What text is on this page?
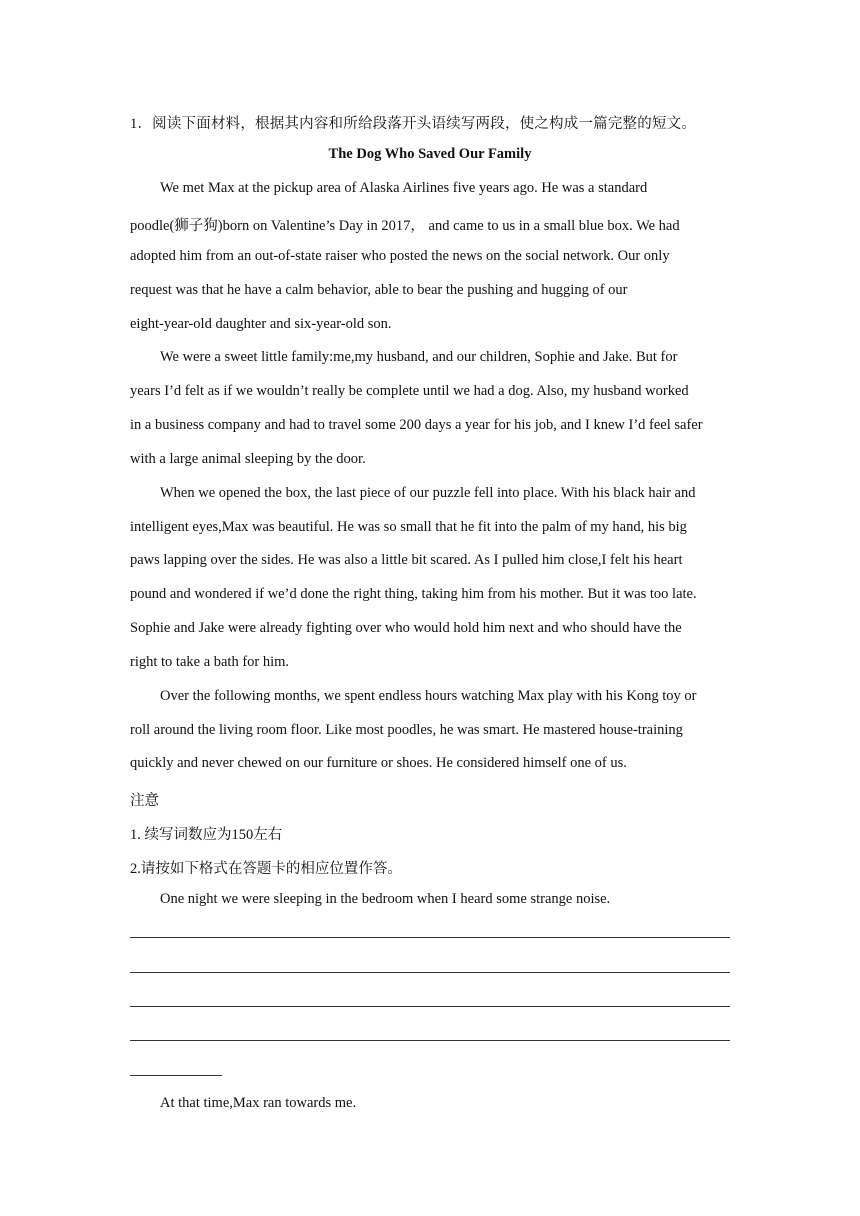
1．阅读下面材料，根据其内容和所给段落开头语续写两段，使之构成一篇完整的短文。
The Dog Who Saved Our Family
We met Max at the pickup area of Alaska Airlines five years ago. He was a standard
poodle(狮子狗)born on Valentine’s Day in 2017， and came to us in a small blue box. We had
adopted him from an out-of-state raiser who posted the news on the social network. Our only
request was that he have a calm behavior, able to bear the pushing and hugging of our
eight-year-old daughter and six-year-old son.
We were a sweet little family:me,my husband, and our children, Sophie and Jake. But for
years I’d felt as if we wouldn’t really be complete until we had a dog. Also, my husband worked
in a business company and had to travel some 200 days a year for his job, and I knew I’d feel safer
with a large animal sleeping by the door.
When we opened the box, the last piece of our puzzle fell into place. With his black hair and
intelligent eyes,Max was beautiful. He was so small that he fit into the palm of my hand, his big
paws lapping over the sides. He was also a little bit scared. As I pulled him close,I felt his heart
pound and wondered if we’d done the right thing, taking him from his mother. But it was too late.
Sophie and Jake were already fighting over who would hold him next and who should have the
right to take a bath for him.
Over the following months, we spent endless hours watching Max play with his Kong toy or
roll around the living room floor. Like most poodles, he was smart. He mastered house-training
quickly and never chewed on our furniture or shoes. He considered himself one of us.
注意
1. 续写词数应为150左右
2.请按如下格式在答题卡的相应位置作答。
One night we were sleeping in the bedroom when I heard some strange noise.
At that time,Max ran towards me.
